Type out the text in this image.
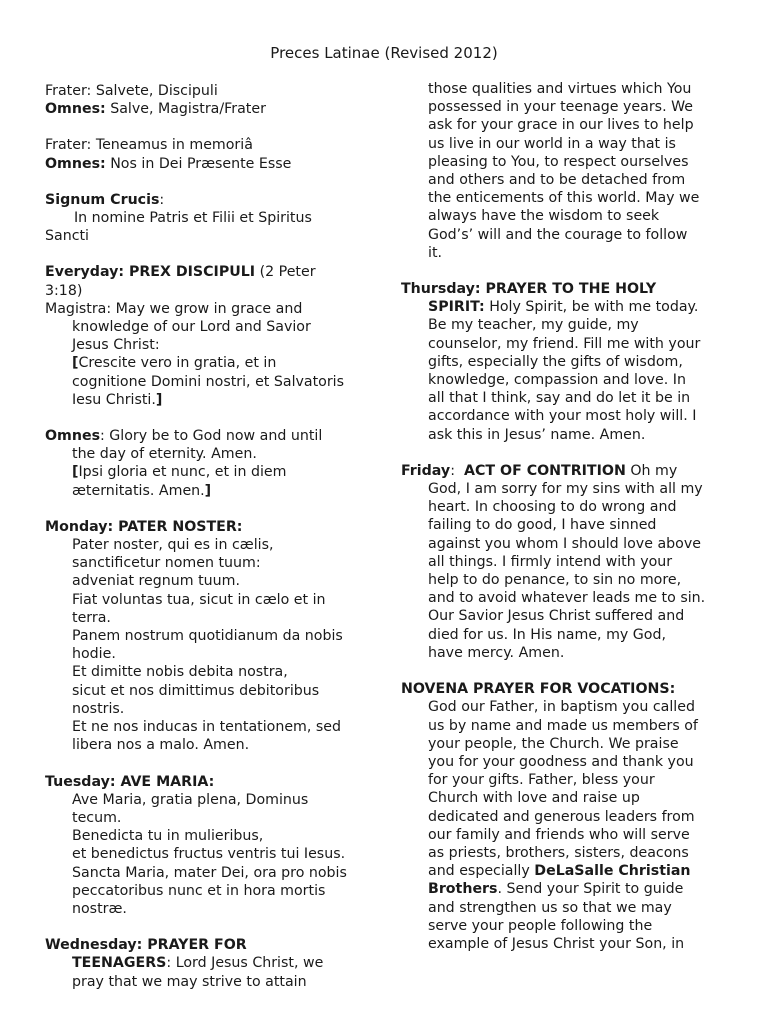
Preces Latinae (Revised 2012)

Frater: Salvete, Discipuli

Omnes: Salve, Magistra/Frater

Frater: Teneamus in memoriâ

Omnes: Nos in Dei Præsente Esse

Signum Crucis:

In nomine Patris et Filii et Spiritus

Sancti

Everyday: PREX DISCIPULI (2 Peter

3:18)

Magistra: May we grow in grace and

knowledge of our Lord and Savior

Jesus Christ:

[Crescite vero in gratia, et in

cognitione Domini nostri, et Salvatoris

Iesu Christi.]

Omnes: Glory be to God now and until

the day of eternity. Amen.

[Ipsi gloria et nunc, et in diem

æternitatis. Amen.]

Monday: PATER NOSTER:

Pater noster, qui es in cælis,

sanctificetur nomen tuum:

adveniat regnum tuum.

Fiat voluntas tua, sicut in cælo et in

terra.

Panem nostrum quotidianum da nobis

hodie.

Et dimitte nobis debita nostra,

sicut et nos dimittimus debitoribus

nostris.

Et ne nos inducas in tentationem, sed

libera nos a malo. Amen.

Tuesday: AVE MARIA:

Ave Maria, gratia plena, Dominus

tecum.

Benedicta tu in mulieribus,

et benedictus fructus ventris tui Iesus.

Sancta Maria, mater Dei, ora pro nobis

peccatoribus nunc et in hora mortis

nostræ.

Wednesday: PRAYER FOR

TEENAGERS: Lord Jesus Christ, we

pray that we may strive to attain

those qualities and virtues which You

possessed in your teenage years. We

ask for your grace in our lives to help

us live in our world in a way that is

pleasing to You, to respect ourselves

and others and to be detached from

the enticements of this world. May we

always have the wisdom to seek

God’s’ will and the courage to follow

it.

Thursday: PRAYER TO THE HOLY

SPIRIT: Holy Spirit, be with me today.

Be my teacher, my guide, my

counselor, my friend. Fill me with your

gifts, especially the gifts of wisdom,

knowledge, compassion and love. In

all that I think, say and do let it be in

accordance with your most holy will. I

ask this in Jesus’ name. Amen.

Friday:  ACT OF CONTRITION Oh my

God, I am sorry for my sins with all my

heart. In choosing to do wrong and

failing to do good, I have sinned

against you whom I should love above

all things. I firmly intend with your

help to do penance, to sin no more,

and to avoid whatever leads me to sin.

Our Savior Jesus Christ suffered and

died for us. In His name, my God,

have mercy. Amen.

NOVENA PRAYER FOR VOCATIONS:

God our Father, in baptism you called

us by name and made us members of

your people, the Church. We praise

you for your goodness and thank you

for your gifts. Father, bless your

Church with love and raise up

dedicated and generous leaders from

our family and friends who will serve

as priests, brothers, sisters, deacons

and especially DeLaSalle Christian

Brothers. Send your Spirit to guide

and strengthen us so that we may

serve your people following the

example of Jesus Christ your Son, in
